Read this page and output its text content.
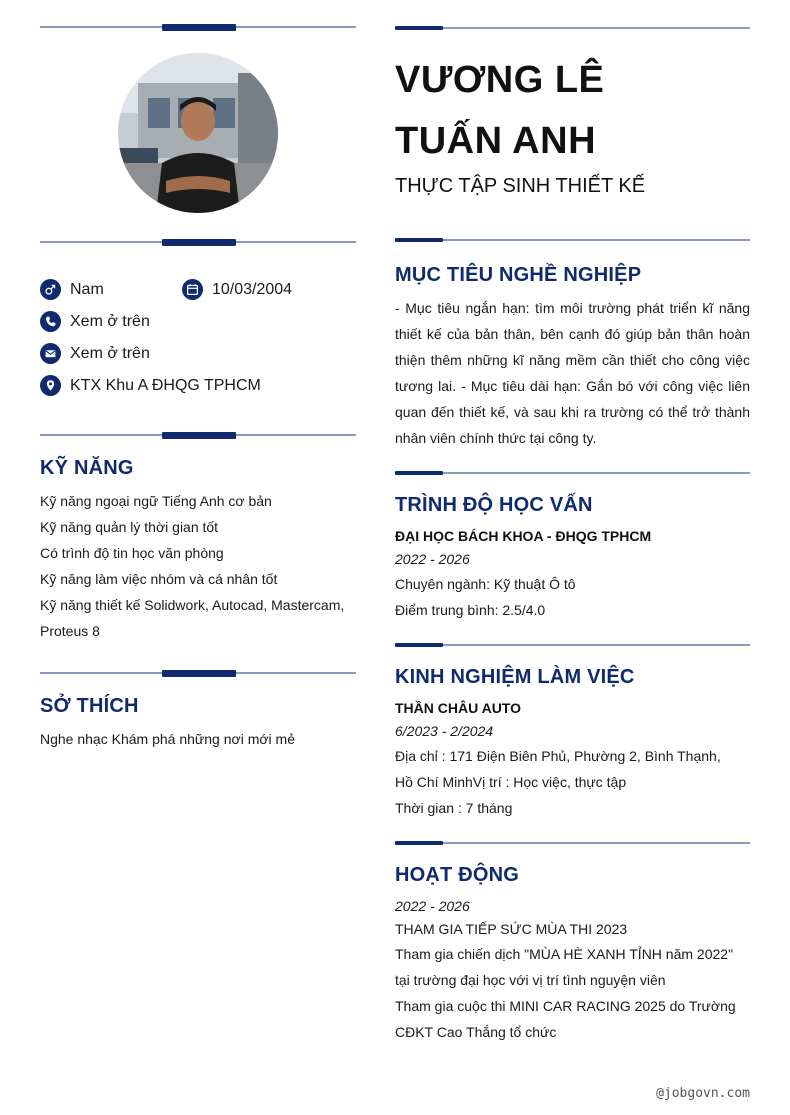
Nam	10/03/2004
Xem ở trên
Xem ở trên
KTX Khu A ĐHQG TPHCM
KỸ NĂNG
Kỹ năng ngoại ngữ Tiếng Anh cơ bản
Kỹ năng quản lý thời gian tốt
Có trình độ tin học văn phòng
Kỹ năng làm việc nhóm và cá nhân tốt
Kỹ năng thiết kế Solidwork, Autocad, Mastercam,
Proteus 8
SỞ THÍCH
Nghe nhạc Khám phá những nơi mới mẻ
VƯƠNG LÊ
TUẤN ANH
THỰC TẬP SINH THIẾT KẾ
MỤC TIÊU NGHỀ NGHIỆP
- Mục tiêu ngắn hạn: tìm môi trường phát triển kĩ năng thiết kế của bản thân, bên cạnh đó giúp bản thân hoàn thiện thêm những kĩ năng mềm cần thiết cho công việc tương lai. - Mục tiêu dài hạn: Gắn bó với công việc liên quan đến thiết kế, và sau khi ra trường có thể trở thành nhân viên chính thức tại công ty.
TRÌNH ĐỘ HỌC VẤN
ĐẠI HỌC BÁCH KHOA - ĐHQG TPHCM
2022 - 2026
Chuyên ngành: Kỹ thuật Ô tô
Điểm trung bình: 2.5/4.0
KINH NGHIỆM LÀM VIỆC
THẦN CHÂU AUTO
6/2023 - 2/2024
Địa chỉ : 171 Điện Biên Phủ, Phường 2, Bình Thạnh, Hồ Chí MinhVị trí : Học việc, thực tập
Thời gian : 7 tháng
HOẠT ĐỘNG
2022 - 2026
THAM GIA TIẾP SỨC MÙA THI 2023
Tham gia chiến dịch "MÙA HÈ XANH TỈNH năm 2022" tại trường đại học với vị trí tình nguyện viên
Tham gia cuộc thi MINI CAR RACING 2025 do Trường CĐKT Cao Thắng tổ chức
@jobgovn.com
